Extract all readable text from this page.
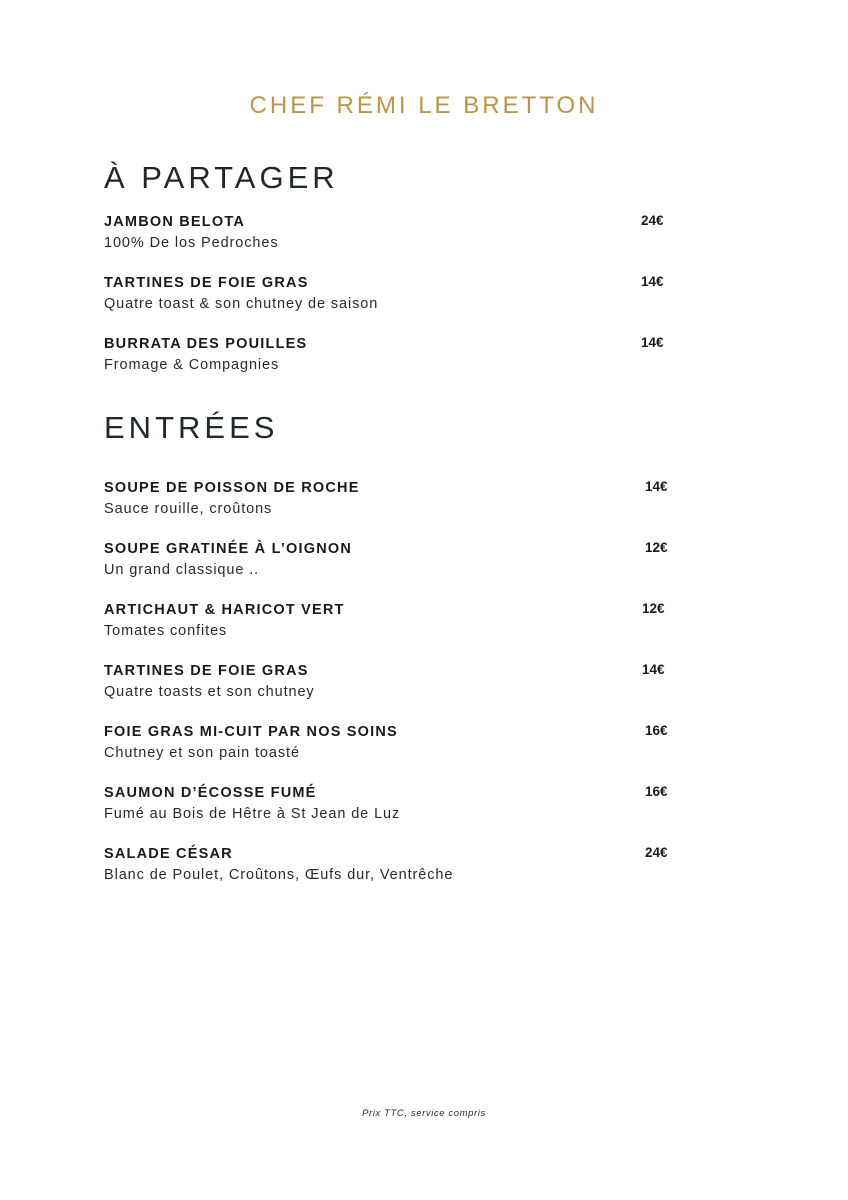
CHEF RÉMI LE BRETTON

À PARTAGER
JAMBON BELOTA
100% De los Pedroches
24€
TARTINES DE FOIE GRAS
Quatre toast & son chutney de saison
14€
BURRATA DES POUILLES
Fromage & Compagnies
14€
ENTRÉES
SOUPE DE POISSON DE ROCHE
Sauce rouille, croûtons
14€
SOUPE GRATINÉE À L’OIGNON
Un grand classique ..
12€
ARTICHAUT & HARICOT VERT
Tomates confites
12€
TARTINES DE FOIE GRAS
Quatre toasts et son chutney
14€
FOIE GRAS MI-CUIT PAR NOS SOINS
Chutney et son pain toasté
16€
SAUMON D’ÉCOSSE FUMÉ
Fumé au Bois de Hêtre à St Jean de Luz
16€
SALADE CÉSAR
Blanc de Poulet, Croûtons, Œufs dur, Ventrêche
24€

Prix TTC, service compris
